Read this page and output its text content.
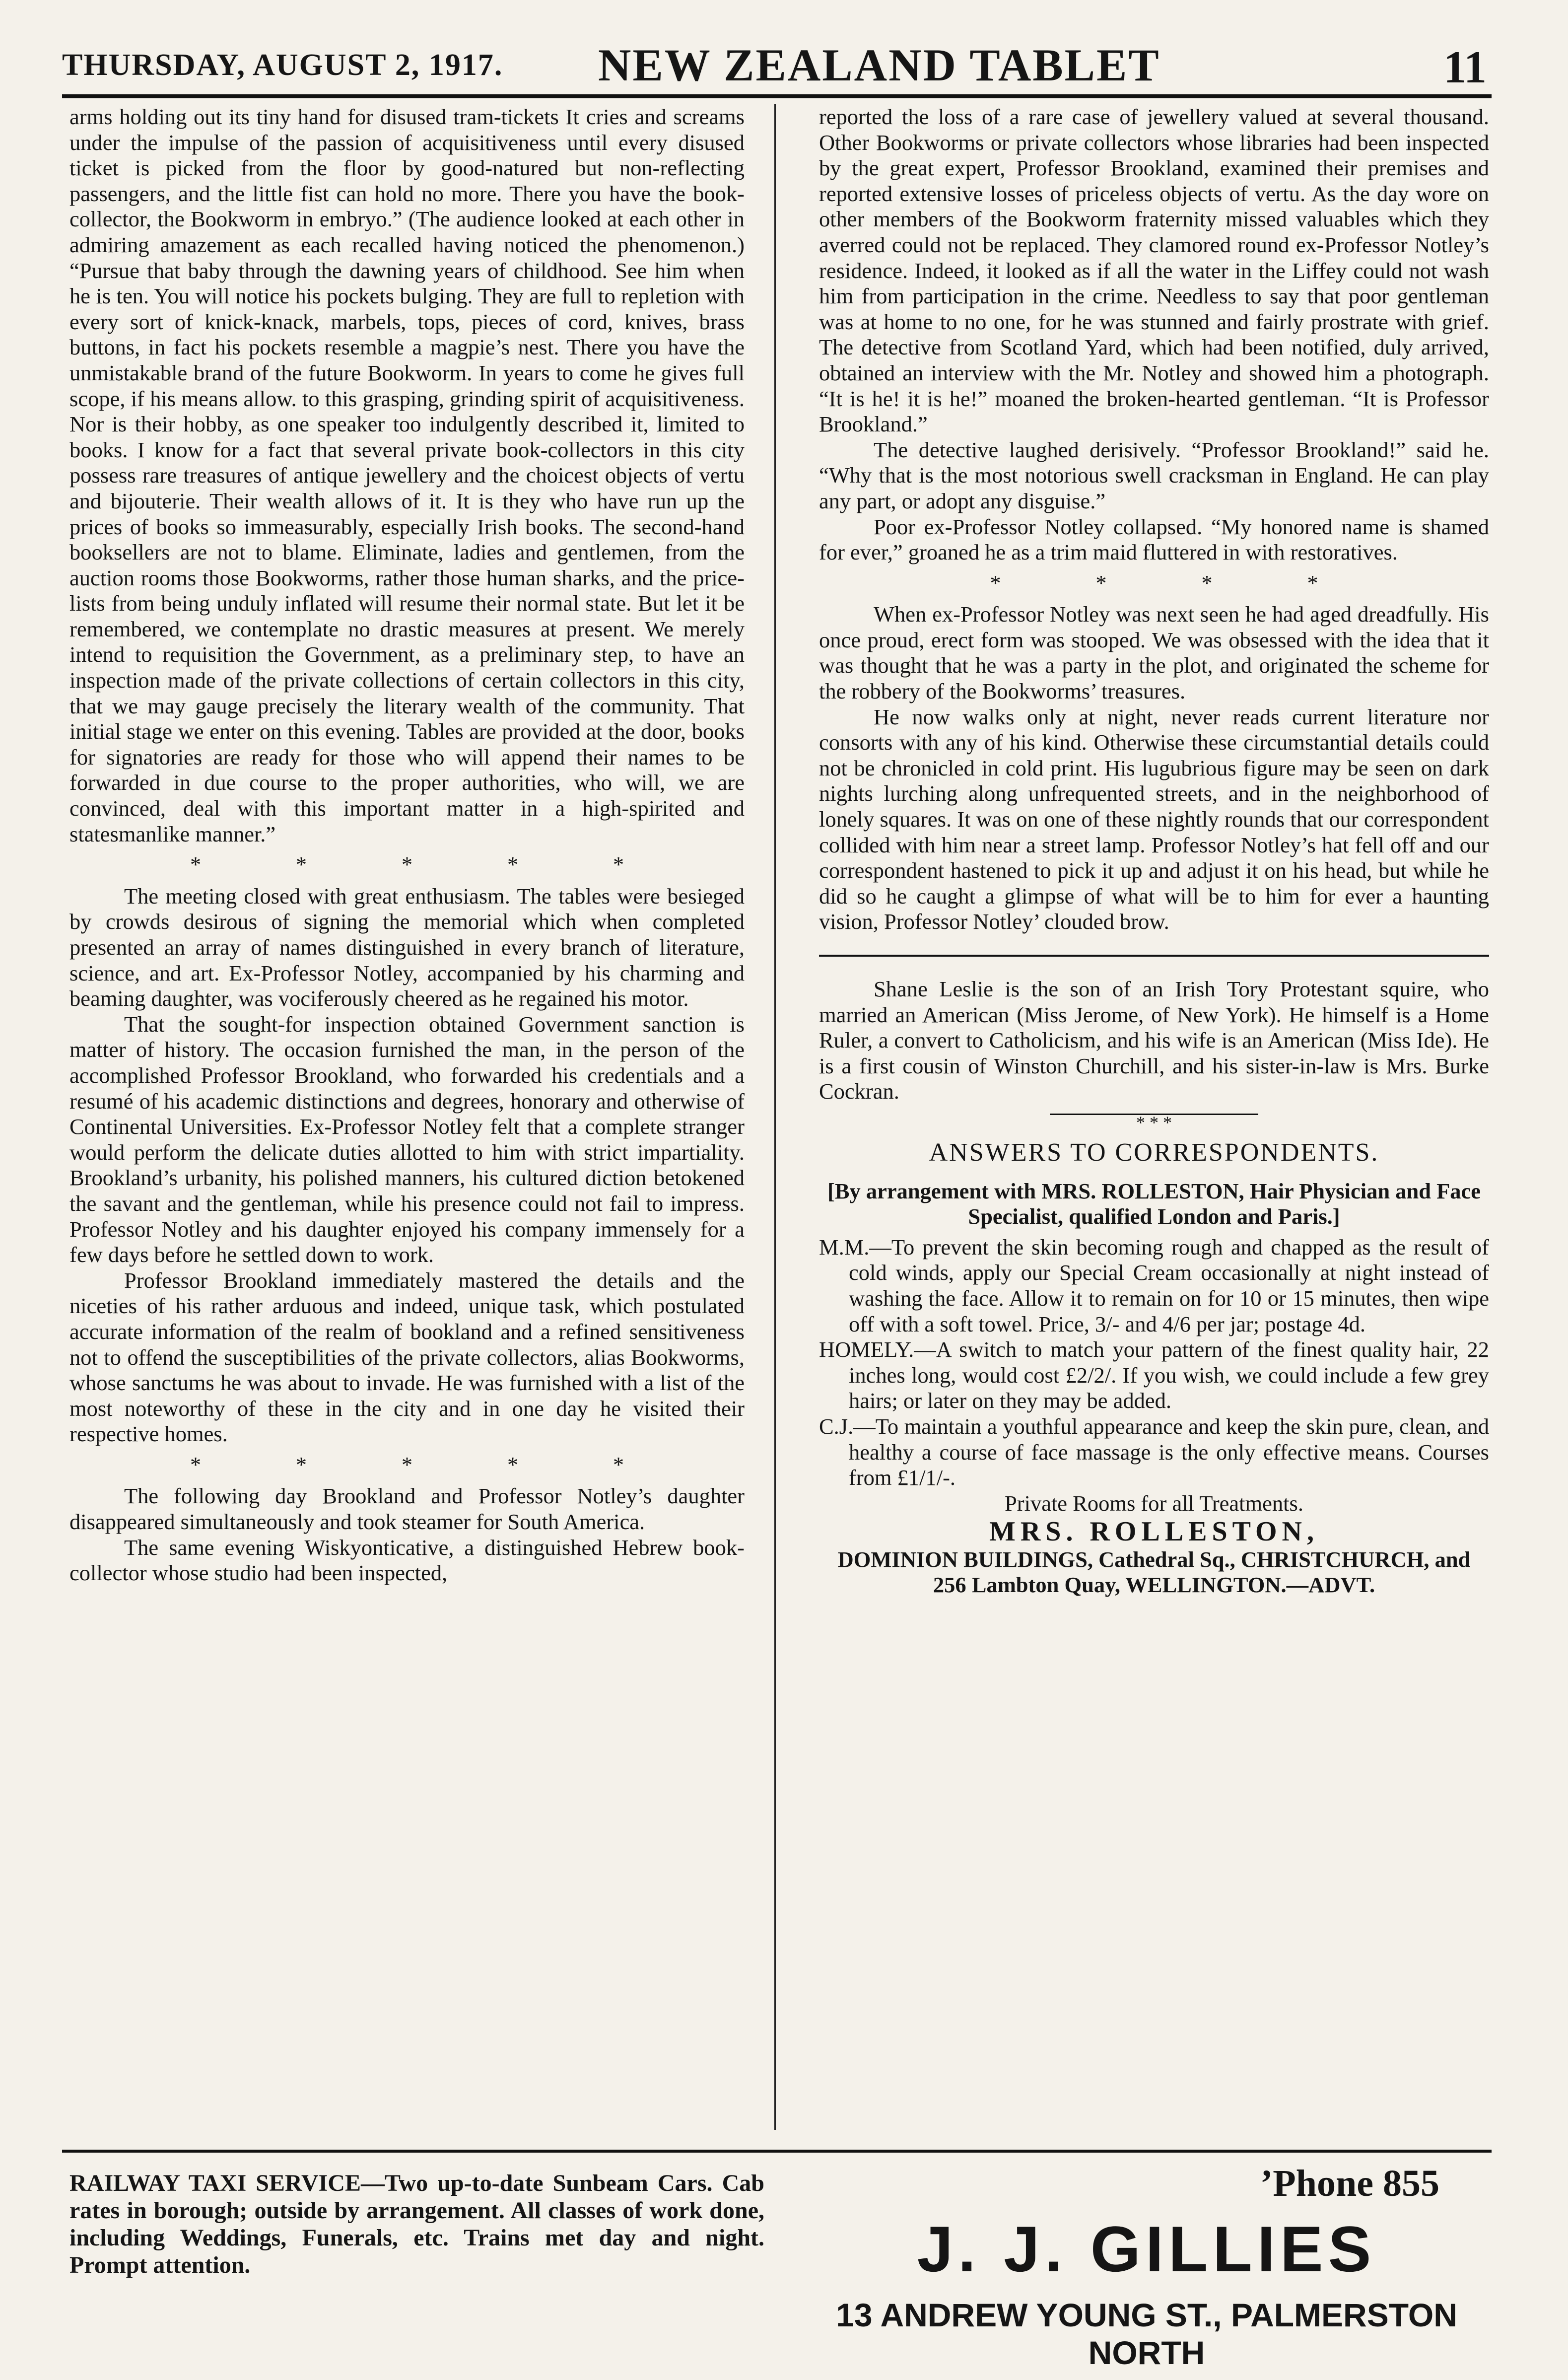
THURSDAY, AUGUST 2, 1917. NEW ZEALAND TABLET	11

arms holding out its tiny hand for disused tram-tickets It cries and screams under the impulse of the passion of acquisitiveness until every disused ticket is picked from the floor by good-natured but non-reflecting passengers, and the little fist can hold no more. There you have the book-collector, the Bookworm in embryo.” (The audience looked at each other in admiring amazement as each recalled having noticed the phenomenon.) “Pursue that baby through the dawning years of childhood. See him when he is ten. You will notice his pockets bulging. They are full to repletion with every sort of knick-knack, marbels, tops, pieces of cord, knives, brass buttons, in fact his pockets resemble a magpie’s nest. There you have the unmistakable brand of the future Bookworm. In years to come he gives full scope, if his means allow. to this grasping, grinding spirit of acquisitiveness. Nor is their hobby, as one speaker too indulgently described it, limited to books. I know for a fact that several private book-collectors in this city possess rare treasures of antique jewellery and the choicest objects of vertu and bijouterie. Their wealth allows of it. It is they who have run up the prices of books so immeasurably, especially Irish books. The second-hand booksellers are not to blame. Eliminate, ladies and gentlemen, from the auction rooms those Bookworms, rather those human sharks, and the price-lists from being unduly inflated will resume their normal state. But let it be remembered, we contemplate no drastic measures at present. We merely intend to requisition the Government, as a preliminary step, to have an inspection made of the private collections of certain collectors in this city, that we may gauge precisely the literary wealth of the community. That initial stage we enter on this evening. Tables are provided at the door, books for signatories are ready for those who will append their names to be forwarded in due course to the proper authorities, who will, we are convinced, deal with this important matter in a high-spirited and statesmanlike manner.”

* * * * *

The meeting closed with great enthusiasm. The tables were besieged by crowds desirous of signing the memorial which when completed presented an array of names distinguished in every branch of literature, science, and art. Ex-Professor Notley, accompanied by his charming and beaming daughter, was vociferously cheered as he regained his motor.

That the sought-for inspection obtained Government sanction is matter of history. The occasion furnished the man, in the person of the accomplished Professor Brookland, who forwarded his credentials and a resumé of his academic distinctions and degrees, honorary and otherwise of Continental Universities. Ex-Professor Notley felt that a complete stranger would perform the delicate duties allotted to him with strict impartiality. Brookland’s urbanity, his polished manners, his cultured diction betokened the savant and the gentleman, while his presence could not fail to impress. Professor Notley and his daughter enjoyed his company immensely for a few days before he settled down to work.

Professor Brookland immediately mastered the details and the niceties of his rather arduous and indeed, unique task, which postulated accurate information of the realm of bookland and a refined sensitiveness not to offend the susceptibilities of the private collectors, alias Bookworms, whose sanctums he was about to invade. He was furnished with a list of the most noteworthy of these in the city and in one day he visited their respective homes.

* * * * *

The following day Brookland and Professor Notley’s daughter disappeared simultaneously and took steamer for South America.

The same evening Wiskyonticative, a distinguished Hebrew book-collector whose studio had been inspected,

reported the loss of a rare case of jewellery valued at several thousand. Other Bookworms or private collectors whose libraries had been inspected by the great expert, Professor Brookland, examined their premises and reported extensive losses of priceless objects of vertu. As the day wore on other members of the Bookworm fraternity missed valuables which they averred could not be replaced. They clamored round ex-Professor Notley’s residence. Indeed, it looked as if all the water in the Liffey could not wash him from participation in the crime. Needless to say that poor gentleman was at home to no one, for he was stunned and fairly prostrate with grief. The detective from Scotland Yard, which had been notified, duly arrived, obtained an interview with the Mr. Notley and showed him a photograph. “It is he! it is he!” moaned the broken-hearted gentleman. “It is Professor Brookland.”

The detective laughed derisively. “Professor Brookland!” said he. “Why that is the most notorious swell cracksman in England. He can play any part, or adopt any disguise.”

Poor ex-Professor Notley collapsed. “My honored name is shamed for ever,” groaned he as a trim maid fluttered in with restoratives.

* * * *

When ex-Professor Notley was next seen he had aged dreadfully. His once proud, erect form was stooped. We was obsessed with the idea that it was thought that he was a party in the plot, and originated the scheme for the robbery of the Bookworms’ treasures.

He now walks only at night, never reads current literature nor consorts with any of his kind. Otherwise these circumstantial details could not be chronicled in cold print. His lugubrious figure may be seen on dark nights lurching along unfrequented streets, and in the neighborhood of lonely squares. It was on one of these nightly rounds that our correspondent collided with him near a street lamp. Professor Notley’s hat fell off and our correspondent hastened to pick it up and adjust it on his head, but while he did so he caught a glimpse of what will be to him for ever a haunting vision, Professor Notley’ clouded brow.

Shane Leslie is the son of an Irish Tory Protestant squire, who married an American (Miss Jerome, of New York). He himself is a Home Ruler, a convert to Catholicism, and his wife is an American (Miss Ide). He is a first cousin of Winston Churchill, and his sister-in-law is Mrs. Burke Cockran.

* * *
ANSWERS TO CORRESPONDENTS.
[By arrangement with MRS. ROLLESTON, Hair Physician and Face Specialist, qualified London and Paris.]

M.M.—To prevent the skin becoming rough and chapped as the result of cold winds, apply our Special Cream occasionally at night instead of washing the face. Allow it to remain on for 10 or 15 minutes, then wipe off with a soft towel. Price, 3/- and 4/6 per jar; postage 4d.

HOMELY.—A switch to match your pattern of the finest quality hair, 22 inches long, would cost £2/2/. If you wish, we could include a few grey hairs; or later on they may be added.

C.J.—To maintain a youthful appearance and keep the skin pure, clean, and healthy a course of face massage is the only effective means. Courses from £1/1/-.

Private Rooms for all Treatments.
MRS. ROLLESTON,
DOMINION BUILDINGS, Cathedral Sq., CHRISTCHURCH, and 256 Lambton Quay, WELLINGTON.—ADVT.
RAILWAY TAXI SERVICE—Two up-to-date Sunbeam Cars. Cab rates in borough; outside by arrangement. All classes of work done, including Weddings, Funerals, etc. Trains met day and night. Prompt attention.
’Phone 855
J. J. GILLIES
13 ANDREW YOUNG ST., PALMERSTON NORTH
